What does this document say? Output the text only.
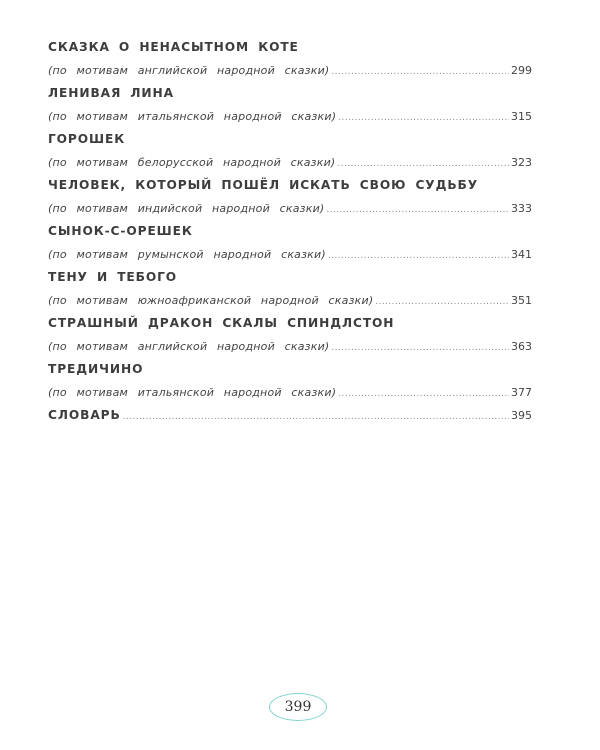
СКАЗКА О НЕНАСЫТНОМ КОТЕ
(по мотивам английской народной сказки) .....	299
ЛЕНИВАЯ ЛИНА
(по мотивам итальянской народной сказки) .....	315
ГОРОШЕК
(по мотивам белорусской народной сказки) .....	323
ЧЕЛОВЕК, КОТОРЫЙ ПОШЁЛ ИСКАТЬ СВОЮ СУДЬБУ
(по мотивам индийской народной сказки) .....	333
СЫНОК-С-ОРЕШЕК
(по мотивам румынской народной сказки) .....	341
ТЕНУ И ТЕБОГО
(по мотивам южноафриканской народной сказки) .....	351
СТРАШНЫЙ ДРАКОН СКАЛЫ СПИНДЛСТОН
(по мотивам английской народной сказки) .....	363
ТРЕДИЧИНО
(по мотивам итальянской народной сказки) .....	377
СЛОВАРЬ .....	395
399
